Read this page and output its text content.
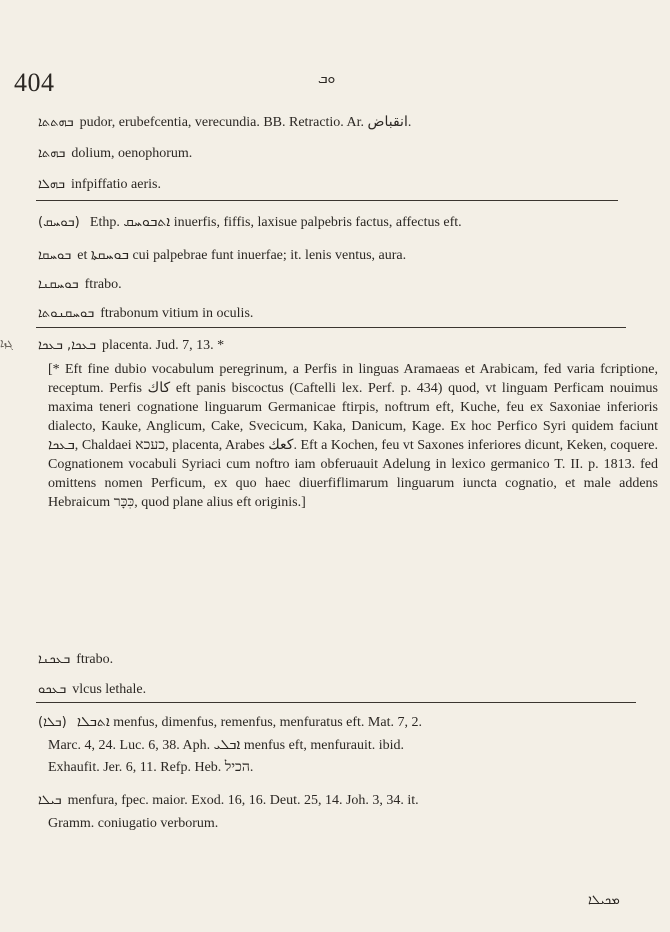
404	ܘܒ
ܒܗܬܬܐ pudor, erubefcentia, verecundia. BB. Retractio. Ar. انقباض.
ܒܗܬܐ dolium, oenophorum.
ܒܗܠܐ infpiffatio aeris.
(ܒܘܚܩ) Ethp. ܐܬܒܘܚܩ inuerfis, fiffis, laxisue palpebris factus, affectus eft.
ܒܘܚܩܐ et ܒܘܚܩܬܐ cui palpebrae funt inuerfae; it. lenis ventus, aura.
ܒܘܚܩܢܐ ftrabo.
ܒܘܚܩܢܘܬܐ ftrabonum vitium in oculis.
ܓܙܐ ܒܥܟܐ, ܒܥܟܐ placenta. Jud. 7, 13. *
[* Eft fine dubio vocabulum peregrinum, a Perfis in linguas Aramaeas et Arabicam, fed varia fcriptione, receptum. Perfis كاك eft panis biscoctus (Caftelli lex. Perf. p. 434) quod, vt linguam Perficam nouimus maxima teneri cognatione linguarum Germanicae ftirpis, noftrum eft, Kuche, feu ex Saxoniae inferioris dialecto, Kauke, Anglicum, Cake, Svecicum, Kaka, Danicum, Kage. Ex hoc Perfico Syri quidem faciunt ܒܥܟܐ, Chaldaei כעכא, placenta, Arabes كعك. Eft a Kochen, feu vt Saxones inferiores dicunt, Keken, coquere. Cognationem vocabuli Syriaci cum noftro iam obferuauit Adelung in lexico germanico T. II. p. 1813. fed omittens nomen Perficum, ex quo haec diuerfiflimarum linguarum iuncta cognatio, et male addens Hebraicum כִּכָּר, quod plane alius eft originis.]
ܒܥܟܢܐ ftrabo.
ܒܥܟܘ vlcus lethale.
(ܒܠܐ) ܐܬܒܠܐ menfus, dimenfus, remenfus, menfuratus eft. Mat. 7, 2.
Marc. 4, 24. Luc. 6, 38. Aph. ܐܒܠܝ menfus eft, menfurauit. ibid.
Exhaufit. Jer. 6, 11. Refp. Heb. הכיל.
ܒܝܠܐ menfura, fpec. maior. Exod. 16, 16. Deut. 25, 14. Joh. 3, 34. it.
Gramm. coniugatio verborum.
ܡܟܝܠܐ
